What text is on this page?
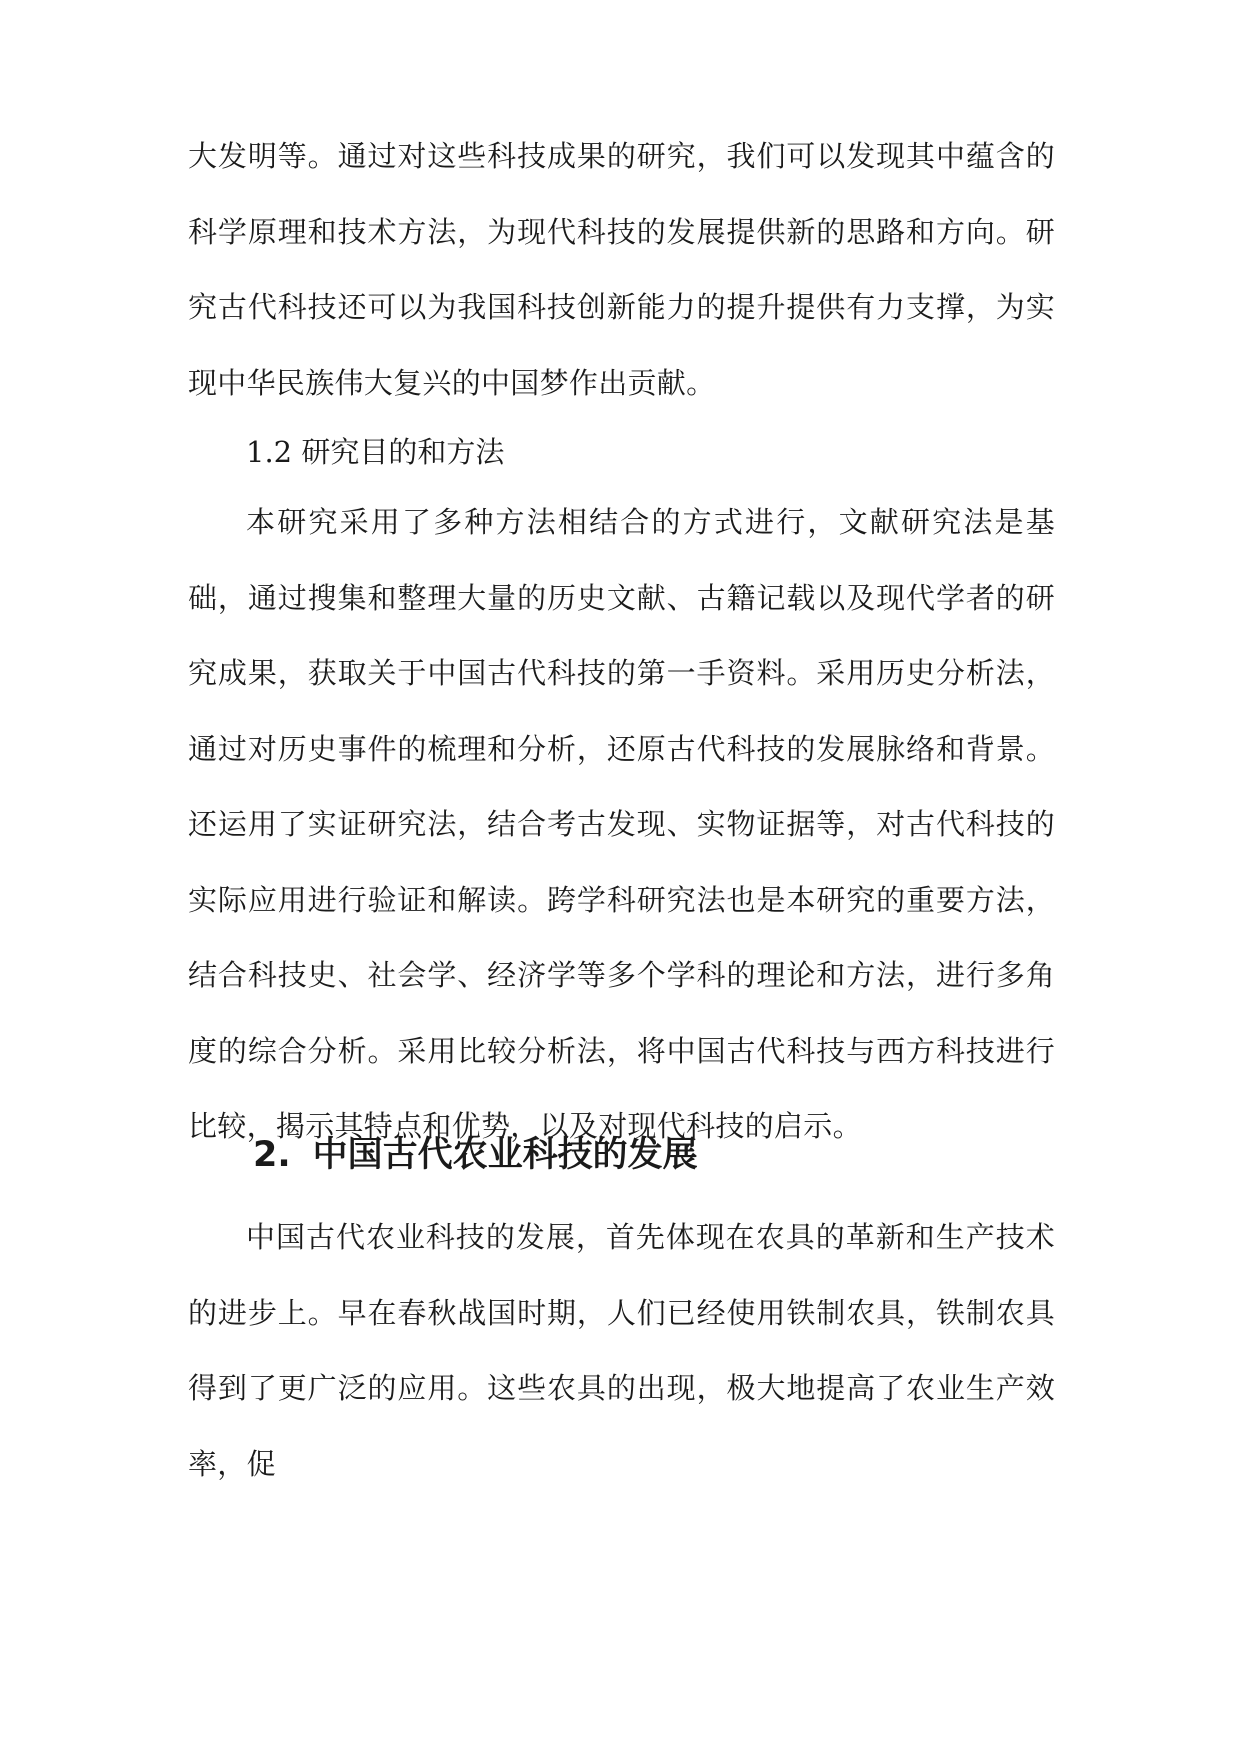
大发明等。通过对这些科技成果的研究，我们可以发现其中蕴含的科学原理和技术方法，为现代科技的发展提供新的思路和方向。研究古代科技还可以为我国科技创新能力的提升提供有力支撑，为实现中华民族伟大复兴的中国梦作出贡献。

1.2 研究目的和方法

本研究采用了多种方法相结合的方式进行，文献研究法是基础，通过搜集和整理大量的历史文献、古籍记载以及现代学者的研究成果，获取关于中国古代科技的第一手资料。采用历史分析法，通过对历史事件的梳理和分析，还原古代科技的发展脉络和背景。还运用了实证研究法，结合考古发现、实物证据等，对古代科技的实际应用进行验证和解读。跨学科研究法也是本研究的重要方法，结合科技史、社会学、经济学等多个学科的理论和方法，进行多角度的综合分析。采用比较分析法，将中国古代科技与西方科技进行比较，揭示其特点和优势，以及对现代科技的启示。

2. 中国古代农业科技的发展

中国古代农业科技的发展，首先体现在农具的革新和生产技术的进步上。早在春秋战国时期，人们已经使用铁制农具，铁制农具得到了更广泛的应用。这些农具的出现，极大地提高了农业生产效率，促
